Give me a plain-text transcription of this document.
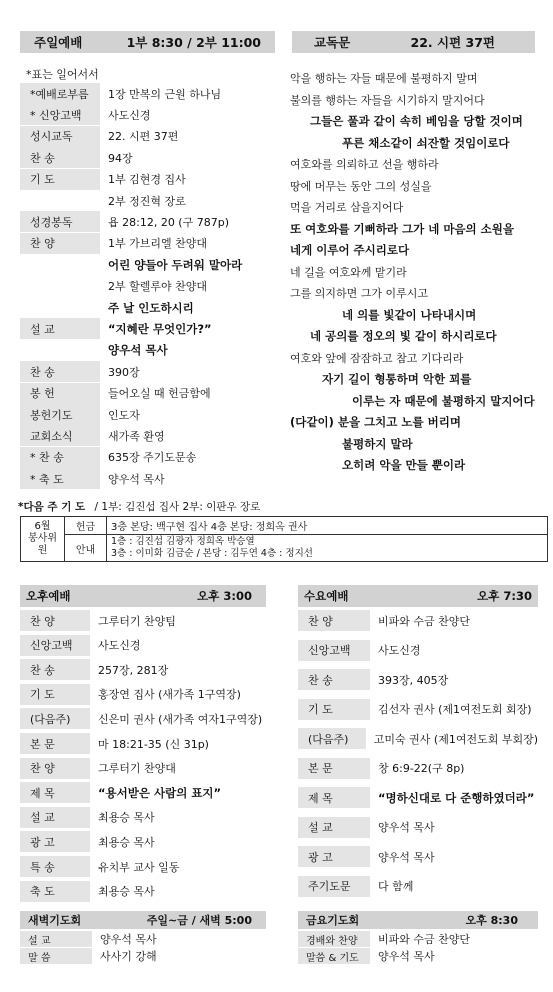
주일예배	1부 8:30 / 2부 11:00	교독문	22. 시편 37편
*표는 일어서서
*예배로부름	1장 만복의 근원 하나님
* 신앙고백	사도신경
성시교독	22. 시편 37편
찬 송	94장
기 도	1부 김현경 집사
2부 정진혁 장로
성경봉독	욥 28:12, 20 (구 787p)
찬 양	1부 가브리엘 찬양대
어린 양들아 두려워 말아라
2부 할렐루야 찬양대
주 날 인도하시리
설 교	“지혜란 무엇인가?”
양우석 목사
찬 송	390장
봉 헌	들어오실 때 헌금함에
봉헌기도	인도자
교회소식	새가족 환영
* 찬 송	635장 주기도문송
* 축 도	양우석 목사
악을 행하는 자들 때문에 불평하지 말며
불의를 행하는 자들을 시기하지 말지어다
그들은 풀과 같이 속히 베임을 당할 것이며
푸른 채소같이 쇠잔할 것임이로다
여호와를 의뢰하고 선을 행하라
땅에 머무는 동안 그의 성실을
먹을 거리로 삼을지어다
또 여호와를 기뻐하라 그가 네 마음의 소원을
네게 이루어 주시리로다
네 길을 여호와께 맡기라
그를 의지하면 그가 이루시고
네 의를 빛같이 나타내시며
네 공의를 정오의 빛 같이 하시리로다
여호와 앞에 잠잠하고 참고 기다리라
자기 길이 형통하며 악한 꾀를
이루는 자 때문에 불평하지 말지어다
(다같이) 분을 그치고 노를 버리며
불평하지 말라
오히려 악을 만들 뿐이라
*다음 주 기 도 / 1부: 김진섭 집사 2부: 이판우 장로
6월
봉사위원	헌금	3층 본당: 백구현 집사 4층 본당: 정희옥 권사
	안내	1층 : 김진섭 김광자 정희옥 박승열
3층 : 이미화 김금순 / 본당 : 김두연 4층 : 정지선
오후예배	오후 3:00	수요예배	오후 7:30
찬 양	그루터기 찬양팀
신앙고백	사도신경
찬 송	257장, 281장
기 도	홍장연 집사 (새가족 1구역장)
(다음주)	신은미 권사 (새가족 여자1구역장)
본 문	마 18:21-35 (신 31p)
찬 양	그루터기 찬양대
제 목	“용서받은 사람의 표지”
설 교	최용승 목사
광 고	최용승 목사
특 송	유치부 교사 일동
축 도	최용승 목사
찬 양	비파와 수금 찬양단
신앙고백	사도신경
찬 송	393장, 405장
기 도	김선자 권사 (제1여전도회 회장)
(다음주)	고미숙 권사 (제1여전도회 부회장)
본 문	창 6:9-22(구 8p)
제 목	“명하신대로 다 준행하였더라”
설 교	양우석 목사
광 고	양우석 목사
주기도문	다 함께
새벽기도회	주일~금 / 새벽 5:00	금요기도회	오후 8:30
설 교	양우석 목사
말 씀	사사기 강해
경배와 찬양	비파와 수금 찬양단
말씀 & 기도	양우석 목사
